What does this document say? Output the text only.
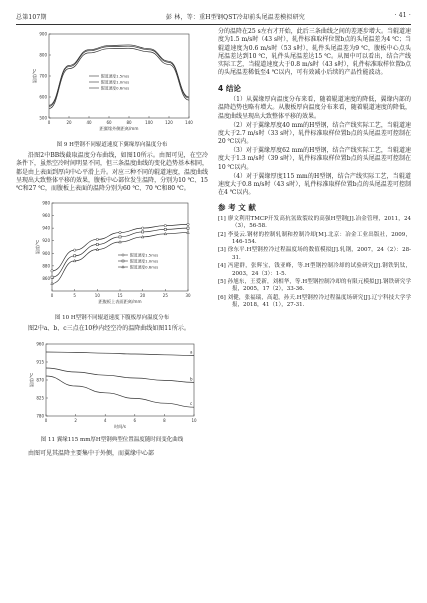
总第107期	彭 林，等：重H型钢QST冷却前头尾温差模拟研究	· 41 ·
500
600
700
800
900
0	20	40	60	80	100	120	140
距翼缘外侧距离/mm
温度/℃	辊道速度1.5m/s
辊道速度1.0m/s
辊道速度0.6m/s
图 9 H型钢不同辊道速度下翼缘厚向温度分布

沿图2中BB线截取温度分布曲线，如图10所示。由图可见，在空冷条件下，虽然空冷时间明显不同，但三条温度曲线的变化趋势基本相同，都是由上表面到厚向中心平滑上升。对应三种不同的辊道速度，温度曲线呈现出大致整体平移的效果，腹板中心部位发生温降，分别为10 ℃、15 ℃和27 ℃，而腹板上表面的温降分别为60 ℃、70 ℃和80 ℃。

860
880
900
920
940
960
980
0	5	10	15	20	25	30
距腹板上表面距离/mm
温度/℃
辊道速度1.5m/s
辊道速度1.0m/s
辊道速度0.6m/s
图 10 H型钢不同辊道速度下腹板厚向温度分布

图2中a、b、c三点在10秒内经空冷的温降曲线如图11所示。

780
825
870
915
960
0	2	4	6	8	10
时间/s
温度/℃
a
b
c
图 11 翼缘115 mm厚H型钢典型位置温度随时间变化曲线

由图可见其温降主要集中于外侧，而翼缘中心部

分的温降在25 s左右才开始，此后三条曲线之间的差逐步增大。当辊道速度为1.5 m/s时（43 s时），轧件标准取样位置b点的头尾温差为4 ℃；当辊道速度为0.6 m/s时（53 s时），轧件头尾温差为9 ℃，腹板中心点头尾温差达到10 ℃，轧件头尾温差达15 ℃。从图中可以看出，结合产线实际工艺，当辊道速度大于0.8 m/s时（43 s时），轧件标准取样位置b点的头尾温差稀低至4 ℃以内，可有效减小后续的产品性能波动。

4 结论

（1）从翼缘厚向温度分布来看，随着辊道速度的降低，翼缘内部的温降趋势也略有增大。从腹板厚向温度分布来看，随着辊道速度的降低，温度曲线呈现出大致整体平移的效果。

（2）对于翼缘厚度40 mm的H型钢，结合产线实际工艺，当辊道速度大于2.7 m/s时（33 s时），轧件标准取样位置b点的头尾温差可控制在20 ℃以内。

（3）对于翼缘厚度62 mm的H型钢，结合产线实际工艺，当辊道速度大于1.3 m/s时（39 s时），轧件标准取样位置b点的头尾温差可控制在10 ℃以内。

（4）对于翼缘厚度115 mm的H型钢，结合产线实际工艺，当辊道速度大于0.8 m/s时（43 s时），轧件标准取样位置b点的头尾温差可控制在4 ℃以内。

参 考 文 献

[1] 廖文利用TMCP开发高抗氢致裂纹的高强H型钢[J].冶金管理，2011，24（3），56-58.

[2] 李曼云.钢材的控制轧制和控制冷却[M].北京：冶金工业出版社，2009，146-154.

[3] 徐东平.H型钢控冷过程温度场的数值模拟[J].轧钢，2007，24（2）：28-31.

[4] 冯建群，张辉宝，钱亚峰，等.H型钢控制冷却的试验研究[J].钢铁钒钛，2003，24（3）：1-5.

[5] 孙旭东，王爱新，刘相华，等.H型钢控制冷却的有限元模拟[J].钢铁研究学报，2005，17（2），33-36.

[6] 刘健，张福瑞，高超，孙天.H型钢控冷过程温度场研究[J].辽宁科技大学学报，2018，41（1），27-31.
